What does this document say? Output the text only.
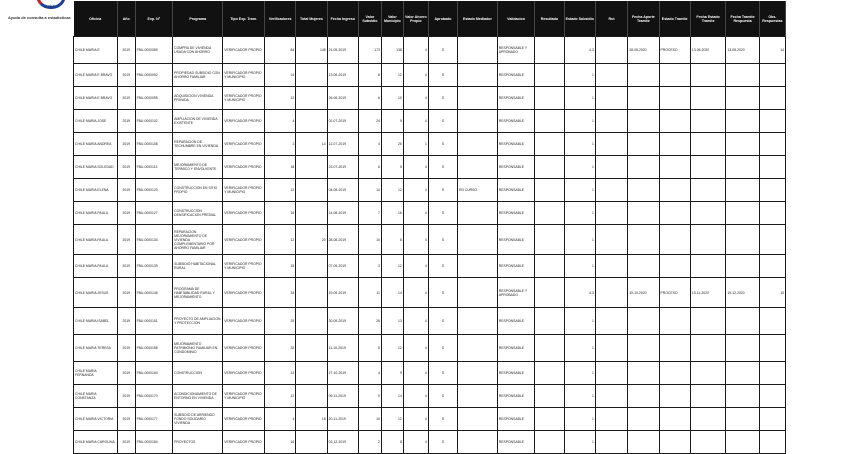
Trabajo
Ayuda de consulta a estadisticas	Oficina	Año	Exp. N°	Programa	Tipo Exp. Tram.	Verificadores	Total Mujeres	Fecha Ingreso	Valor Subsidio	Valor Municipio	Valor Ahorro Propio	Aprobado	Estado Mediador	Validacion	Resultado	Estado Subsidio	Rut	Fecha Aporte Tramite	Estado Tramite	Fecha Estado Tramite	Fecha Tramite Respuesta	Obs. Respuestas
CHILE MARIA E	2019	FBU-0000089	COMPRA DE VIVIENDA USADA CON AHORRO	VERIFICADOR PROPIO	84	148	21-05-2019	173	138	4	S		RESPONSABLE Y APROBADO		4.3		28-05-2020	PROCESO	13-06-2020	13-08-2020	14
CHILE MARIA E BRAVO	2019	FBU-0000092	PROPIEDAD SUBSIDIO CON AHORRO FAMILIAR	VERIFICADOR PROPIO Y MUNICIPIO	14		13-06-2019	8	12	4	S		RESPONSABLE		1						
CHILE MARIA E BRAVO	2019	FBU-0000095	ADQUISICION VIVIENDA PRIVADA	VERIFICADOR PROPIO Y MUNICIPIO	12		26-06-2019	6	10	4	S		RESPONSABLE		1						
CHILE MARIA JOSE	2019	FBU-0000102	AMPLIACION DE VIVIENDA EXISTENTE	VERIFICADOR PROPIO	4		02-07-2019	24	9	4	S		RESPONSABLE		1						
CHILE MARIA ANDREA	2019	FBU-0000108	REPARACION DE TECHUMBRE EN VIVIENDA	VERIFICADOR PROPIO	2	14	12-07-2019	4	26	1	S		RESPONSABLE		1						
CHILE MARIA SOLEDAD	2019	FBU-0000113	MEJORAMIENTO DE TERMICO Y ENVOLVENTE	VERIFICADOR PROPIO	18		23-07-2019	6	5	4	S		RESPONSABLE		1						
CHILE MARIA ELENA	2019	FBU-0000120	CONSTRUCCION EN SITIO PROPIO	VERIFICADOR PROPIO Y MUNICIPIO	12		04-08-2019	14	12	4	S	EN CURSO	RESPONSABLE		1						
CHILE MARIA PAULA	2019	FBU-0000127	CONSTRUCCION DENSIFICACION PREDIAL	VERIFICADOR PROPIO	16		14-08-2019	7	16	4	S		RESPONSABLE		1						
CHILE MARIA PAULA	2019	FBU-0000134	REPARACION MEJORAMIENTO DE VIVIENDA COMPLEMENTARIO POR AHORRO FAMILIAR	VERIFICADOR PROPIO	12	20	28-08-2019	10	8	4	S		RESPONSABLE		1						
CHILE MARIA PAULA	2019	FBU-0000139	SUBSIDIO HABITACIONAL RURAL	VERIFICADOR PROPIO Y MUNICIPIO	15		07-09-2019	3	12	4	S		RESPONSABLE		1						
CHILE MARIA JESUS	2019	FBU-0000146	PROGRAMA DE HABITABILIDAD RURAL Y MEJORAMIENTO	VERIFICADOR PROPIO	34		19-09-2019	11	14	4	S		RESPONSABLE Y APROBADO		4.3		19-10-2020	PROCESO	19-11-2020	19-12-2020	10
CHILE MARIA ISABEL	2019	FBU-0000151	PROYECTO DE AMPLIACION Y PROTECCION	VERIFICADOR PROPIO	29		30-09-2019	26	13	4	S		RESPONSABLE		1						
CHILE MARIA TERESA	2019	FBU-0000158	MEJORAMIENTO PATRIMONIO FAMILIAR EN CONDOMINIO	VERIFICADOR PROPIO	32		11-10-2019	8	12	4	S		RESPONSABLE		1						
CHILE MARIA FERNANDA	2019	FBU-0000163	CONSTRUCCION	VERIFICADOR PROPIO	13		27-10-2019	4	9	4	S		RESPONSABLE		1						
CHILE MARIA CONSTANZA	2019	FBU-0000170	ACONDICIONAMIENTO DE ENTORNO EN VIVIENDA	VERIFICADOR PROPIO Y MUNICIPIO	12		09-11-2019	9	14	4	S		RESPONSABLE		1						
CHILE MARIA VICTORIA	2019	FBU-0000177	SUBSIDIO DE ARRIENDO FONDO SOLIDARIO VIVIENDA	VERIFICADOR PROPIO	4	18	20-11-2019	10	12	4	S		RESPONSABLE		1						
CHILE MARIA CAROLINA	2019	FBU-0000184	PROYECTOS	VERIFICADOR PROPIO	16		02-12-2019	2	8	4	S		RESPONSABLE		1						
